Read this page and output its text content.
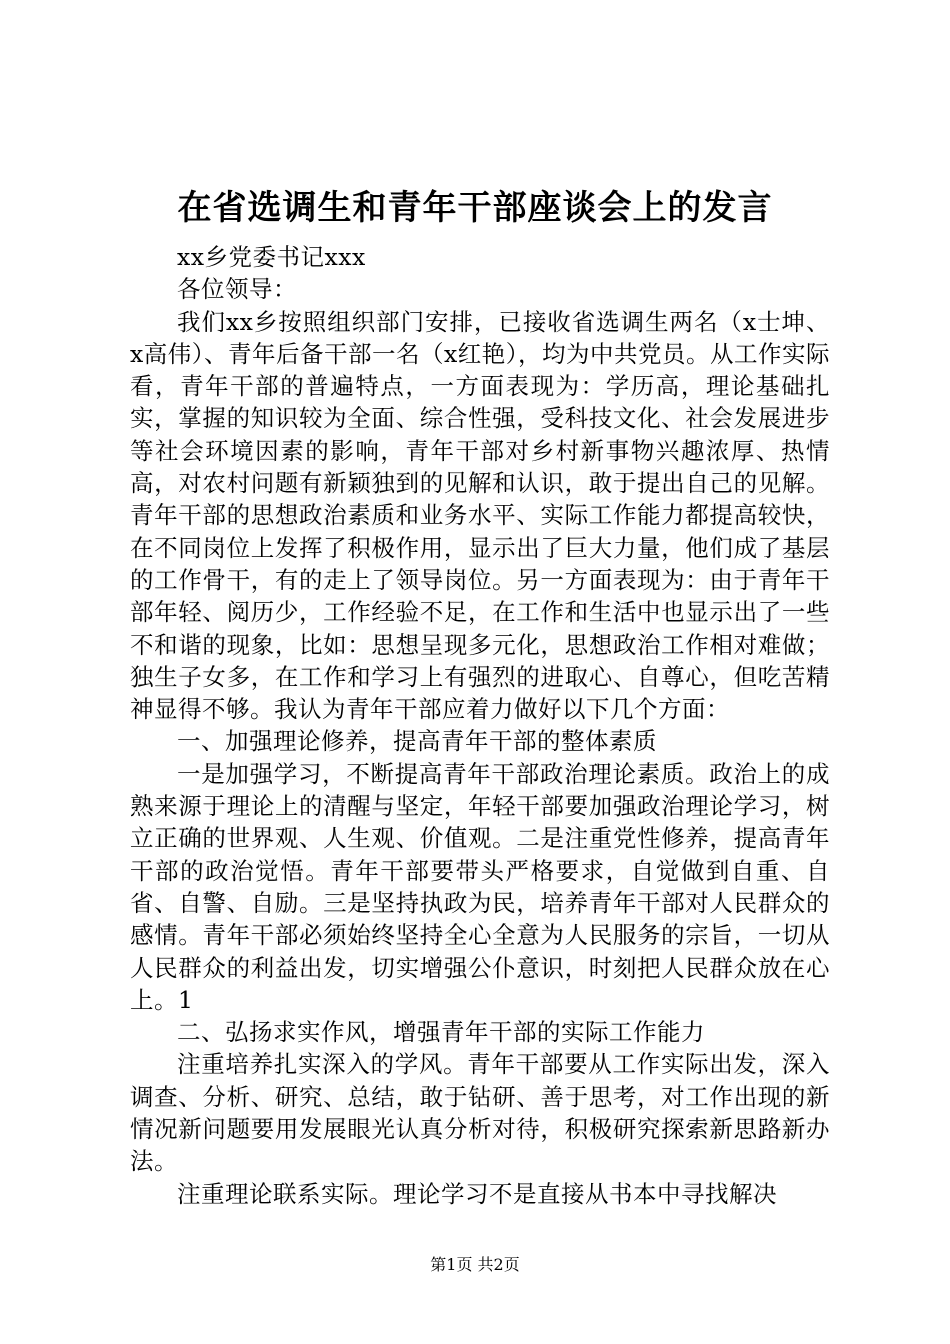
在省选调生和青年干部座谈会上的发言

xx乡党委书记xxx

各位领导：

我们xx乡按照组织部门安排，已接收省选调生两名（x士坤、x高伟）、青年后备干部一名（x红艳），均为中共党员。从工作实际看，青年干部的普遍特点，一方面表现为：学历高，理论基础扎实，掌握的知识较为全面、综合性强，受科技文化、社会发展进步等社会环境因素的影响，青年干部对乡村新事物兴趣浓厚、热情高，对农村问题有新颖独到的见解和认识，敢于提出自己的见解。青年干部的思想政治素质和业务水平、实际工作能力都提高较快，在不同岗位上发挥了积极作用，显示出了巨大力量，他们成了基层的工作骨干，有的走上了领导岗位。另一方面表现为：由于青年干部年轻、阅历少，工作经验不足，在工作和生活中也显示出了一些不和谐的现象，比如：思想呈现多元化，思想政治工作相对难做；独生子女多，在工作和学习上有强烈的进取心、自尊心，但吃苦精神显得不够。我认为青年干部应着力做好以下几个方面：

一、加强理论修养，提高青年干部的整体素质

一是加强学习，不断提高青年干部政治理论素质。政治上的成熟来源于理论上的清醒与坚定，年轻干部要加强政治理论学习，树立正确的世界观、人生观、价值观。二是注重党性修养，提高青年干部的政治觉悟。青年干部要带头严格要求，自觉做到自重、自省、自警、自励。三是坚持执政为民，培养青年干部对人民群众的感情。青年干部必须始终坚持全心全意为人民服务的宗旨，一切从人民群众的利益出发，切实增强公仆意识，时刻把人民群众放在心上。1

二、弘扬求实作风，增强青年干部的实际工作能力

注重培养扎实深入的学风。青年干部要从工作实际出发，深入调查、分析、研究、总结，敢于钻研、善于思考，对工作出现的新情况新问题要用发展眼光认真分析对待，积极研究探索新思路新办法。

注重理论联系实际。理论学习不是直接从书本中寻找解决

第1页 共2页
